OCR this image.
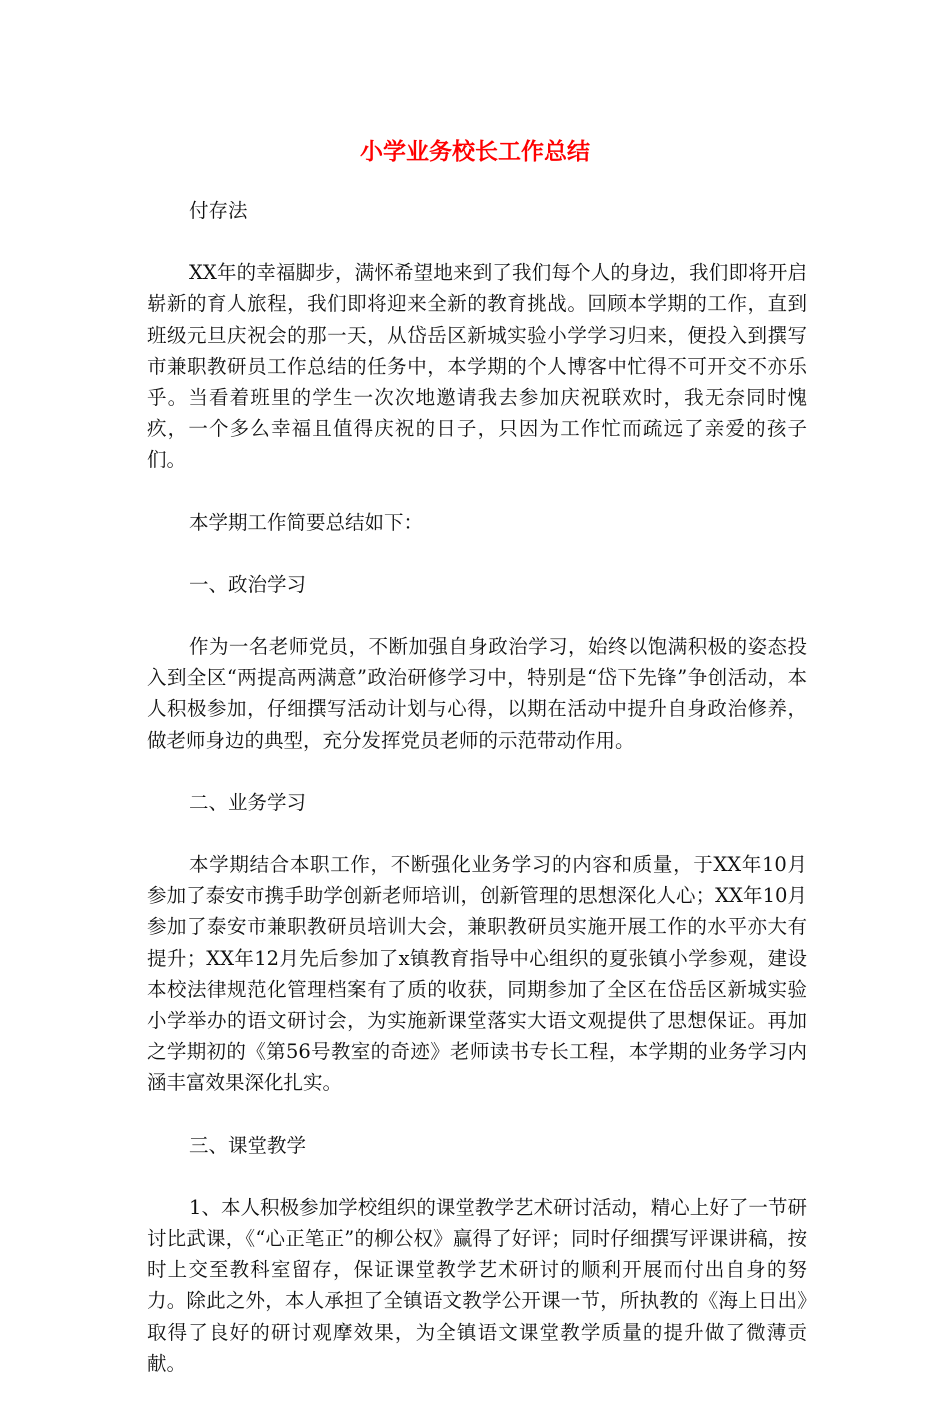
小学业务校长工作总结

付存法

XX年的幸福脚步，满怀希望地来到了我们每个人的身边，我们即将开启崭新的育人旅程，我们即将迎来全新的教育挑战。回顾本学期的工作，直到班级元旦庆祝会的那一天，从岱岳区新城实验小学学习归来，便投入到撰写市兼职教研员工作总结的任务中，本学期的个人博客中忙得不可开交不亦乐乎。当看着班里的学生一次次地邀请我去参加庆祝联欢时，我无奈同时愧疚，一个多么幸福且值得庆祝的日子，只因为工作忙而疏远了亲爱的孩子们。

本学期工作简要总结如下：

一、政治学习

作为一名老师党员，不断加强自身政治学习，始终以饱满积极的姿态投入到全区“两提高两满意”政治研修学习中，特别是“岱下先锋”争创活动，本人积极参加，仔细撰写活动计划与心得，以期在活动中提升自身政治修养，做老师身边的典型，充分发挥党员老师的示范带动作用。

二、业务学习

本学期结合本职工作，不断强化业务学习的内容和质量，于XX年10月参加了泰安市携手助学创新老师培训，创新管理的思想深化人心；XX年10月参加了泰安市兼职教研员培训大会，兼职教研员实施开展工作的水平亦大有提升；XX年12月先后参加了x镇教育指导中心组织的夏张镇小学参观，建设本校法律规范化管理档案有了质的收获，同期参加了全区在岱岳区新城实验小学举办的语文研讨会，为实施新课堂落实大语文观提供了思想保证。再加之学期初的《第56号教室的奇迹》老师读书专长工程，本学期的业务学习内涵丰富效果深化扎实。

三、课堂教学

1、本人积极参加学校组织的课堂教学艺术研讨活动，精心上好了一节研讨比武课，《“心正笔正”的柳公权》赢得了好评；同时仔细撰写评课讲稿，按时上交至教科室留存，保证课堂教学艺术研讨的顺利开展而付出自身的努力。除此之外，本人承担了全镇语文教学公开课一节，所执教的《海上日出》取得了良好的研讨观摩效果，为全镇语文课堂教学质量的提升做了微薄贡献。
